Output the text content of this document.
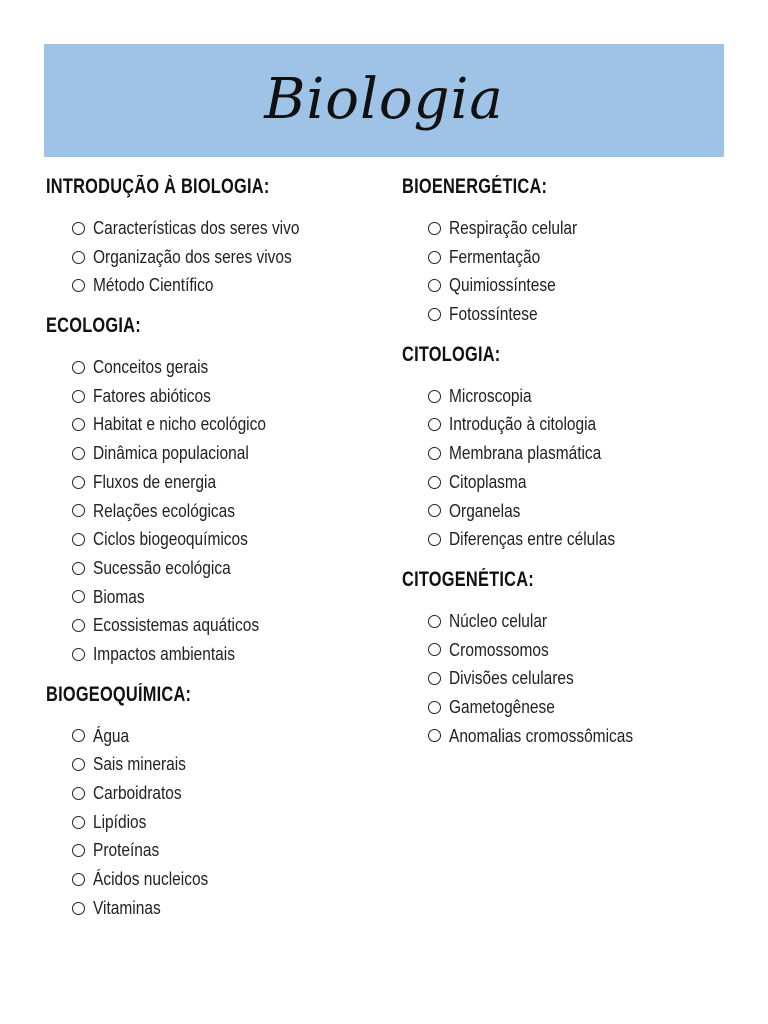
Biologia
INTRODUÇÃO À BIOLOGIA:
Características dos seres vivo
Organização dos seres vivos
Método Científico
ECOLOGIA:
Conceitos gerais
Fatores abióticos
Habitat e nicho ecológico
Dinâmica populacional
Fluxos de energia
Relações ecológicas
Ciclos biogeoquímicos
Sucessão ecológica
Biomas
Ecossistemas aquáticos
Impactos ambientais
BIOGEOQUÍMICA:
Água
Sais minerais
Carboidratos
Lipídios
Proteínas
Ácidos nucleicos
Vitaminas
BIOENERGÉTICA:
Respiração celular
Fermentação
Quimiossíntese
Fotossíntese
CITOLOGIA:
Microscopia
Introdução à citologia
Membrana plasmática
Citoplasma
Organelas
Diferenças entre células
CITOGENÉTICA:
Núcleo celular
Cromossomos
Divisões celulares
Gametogênese
Anomalias cromossômicas
